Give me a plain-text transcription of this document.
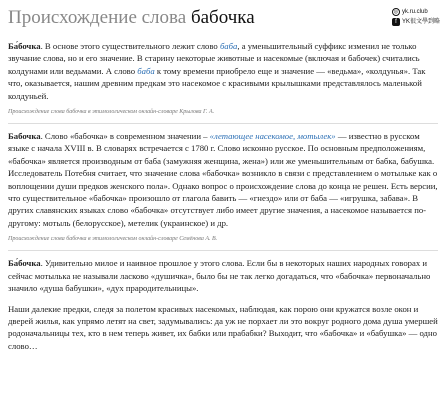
Происхождение слова бабочка	◎ yk.ru.club
f YK很文學到略

Ба́бочка. В основе этого существительного лежит слово баба, а уменьшительный суффикс изменил не только звучание слова, но и его значение. В старину некоторые животные и насекомые (включая и бабочек) считались колдунами или ведьмами. А слово баба к тому времени приобрело еще и значение — «ведьма», «колдунья». Так что, оказывается, нашим древним предкам это насекомое с красивыми крылышками представлялось маленькой колдуньей.

Происхождение слова бабочка в этимологическом онлайн-словаре Крылова Г. А.

Бабочка. Слово «бабочка» в современном значении – «летающее насекомое, мотылек» — известно в русском языке с начала XVIII в. В словарях встречается с 1780 г. Слово исконно русское. По основным предположениям, «бабочка» является производным от баба (замужняя женщина, жена») или же уменьшительным от бабка, бабушка. Исследователь Потебня считает, что значение слова «бабочка» возникло в связи с представлением о мотыльке как о воплощении души предков женского пола». Однако вопрос о происхождение слова до конца не решен. Есть версии, что существительное «бабочка» произошло от глагола бавить — «гнездо» или от баба — «игрушка, забава». В других славянских языках слово «бабочка» отсутствует либо имеет другие значения, а насекомое называется по-другому: мотыль (белорусское), метелик (украинское) и др.

Происхождение слова бабочка в этимологическом онлайн-словаре Семёнова А. В.

Ба́бочка. Удивительно милое и наивное прошлое у этого слова. Если бы в некоторых наших народных говорах и сейчас мотылька не называли ласково «душичка», было бы не так легко догадаться, что «бабочка» первоначально значило «душа бабушки», «дух прародительницы».

Наши далекие предки, следя за полетом красивых насекомых, наблюдая, как порою они кружатся возле окон и дверей жилья, как упрямо летят на свет, задумывались: да уж не порхает ли это вокруг родного дома душа умершей родоначальницы тех, кто в нем теперь живет, их бабки или прабабки? Выходит, что «бабочка» и «бабушка» — одно слово…
